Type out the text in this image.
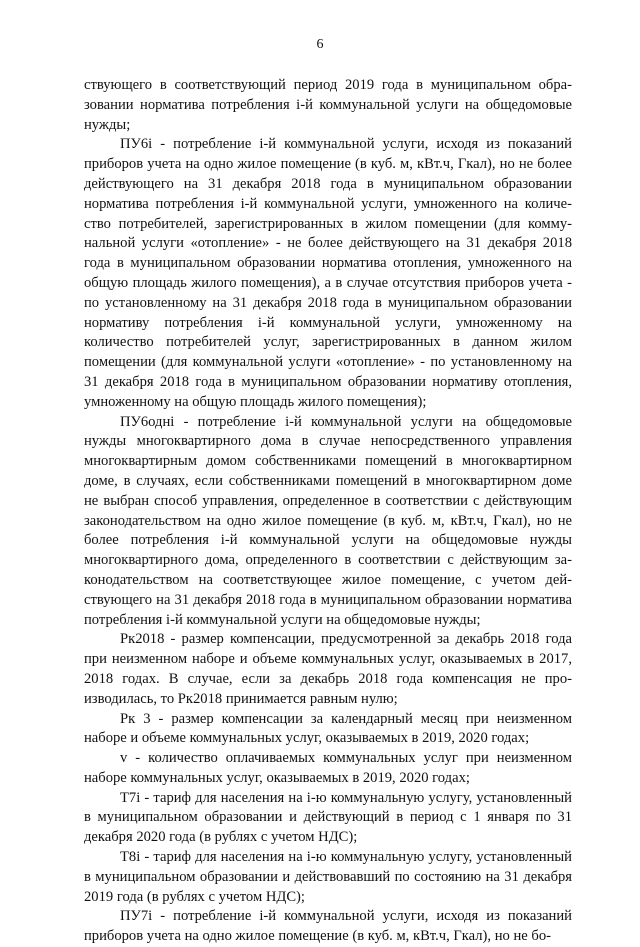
6

ствующего в соответствующий период 2019 года в муниципальном образовании норматива потребления i-й коммунальной услуги на общедомовые нужды;

ПУ6i - потребление i-й коммунальной услуги, исходя из показаний приборов учета на одно жилое помещение (в куб. м, кВт.ч, Гкал), но не более действующего на 31 декабря 2018 года в муниципальном образовании норматива потребления i-й коммунальной услуги, умноженного на количество потребителей, зарегистрированных в жилом помещении (для коммунальной услуги «отопление» - не более действующего на 31 декабря 2018 года в муниципальном образовании норматива отопления, умноженного на общую площадь жилого помещения), а в случае отсутствия приборов учета - по установленному на 31 декабря 2018 года в муниципальном образовании нормативу потребления i-й коммунальной услуги, умноженному на количество потребителей услуг, зарегистрированных в данном жилом помещении (для коммунальной услуги «отопление» - по установленному на 31 декабря 2018 года в муниципальном образовании нормативу отопления, умноженному на общую площадь жилого помещения);

ПУ6одні - потребление i-й коммунальной услуги на общедомовые нужды многоквартирного дома в случае непосредственного управления многоквартирным домом собственниками помещений в многоквартирном доме, в случаях, если собственниками помещений в многоквартирном доме не выбран способ управления, определенное в соответствии с действующим законодательством на одно жилое помещение (в куб. м, кВт.ч, Гкал), но не более потребления i-й коммунальной услуги на общедомовые нужды многоквартирного дома, определенного в соответствии с действующим законодательством на соответствующее жилое помещение, с учетом действующего на 31 декабря 2018 года в муниципальном образовании норматива потребления i-й коммунальной услуги на общедомовые нужды;

Рк2018 - размер компенсации, предусмотренной за декабрь 2018 года при неизменном наборе и объеме коммунальных услуг, оказываемых в 2017, 2018 годах. В случае, если за декабрь 2018 года компенсация не производилась, то Рк2018 принимается равным нулю;

Рк 3 - размер компенсации за календарный месяц при неизменном наборе и объеме коммунальных услуг, оказываемых в 2019, 2020 годах;

v - количество оплачиваемых коммунальных услуг при неизменном наборе коммунальных услуг, оказываемых в 2019, 2020 годах;

Т7i - тариф для населения на i-ю коммунальную услугу, установленный в муниципальном образовании и действующий в период с 1 января по 31 декабря 2020 года (в рублях с учетом НДС);

Т8i - тариф для населения на i-ю коммунальную услугу, установленный в муниципальном образовании и действовавший по состоянию на 31 декабря 2019 года (в рублях с учетом НДС);

ПУ7i - потребление i-й коммунальной услуги, исходя из показаний приборов учета на одно жилое помещение (в куб. м, кВт.ч, Гкал), но не бо-
